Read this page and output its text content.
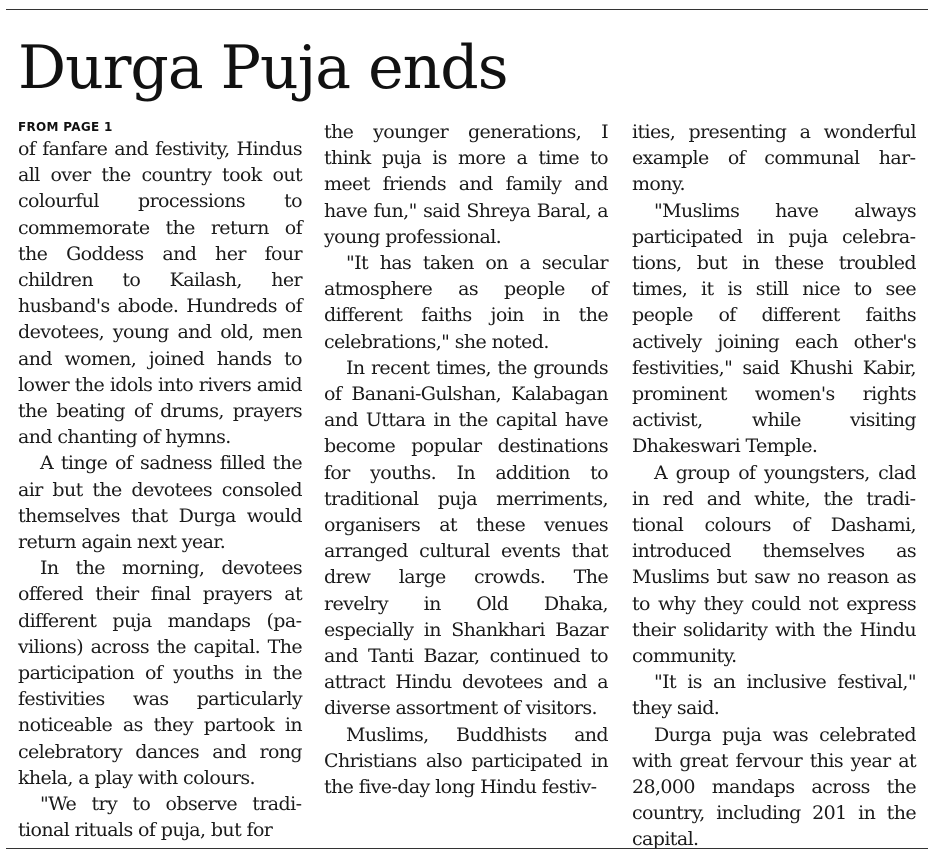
Durga Puja ends
FROM PAGE 1

of fanfare and festivity, Hindus all over the country took out colourful processions to commemorate the return of the Goddess and her four children to Kailash, her husband's abode. Hundreds of devotees, young and old, men and women, joined hands to lower the idols into rivers amid the beating of drums, prayers and chanting of hymns.

A tinge of sadness filled the air but the devotees consoled themselves that Durga would return again next year.

In the morning, devotees offered their final prayers at different puja mandaps (pavilions) across the capital. The participation of youths in the festivities was particularly noticeable as they partook in celebratory dances and rong khela, a play with colours.

"We try to observe traditional rituals of puja, but for

the younger generations, I think puja is more a time to meet friends and family and have fun," said Shreya Baral, a young professional.

"It has taken on a secular atmosphere as people of different faiths join in the celebrations," she noted.

In recent times, the grounds of Banani-Gulshan, Kalabagan and Uttara in the capital have become popular destinations for youths. In addition to traditional puja merriments, organisers at these venues arranged cultural events that drew large crowds. The revelry in Old Dhaka, especially in Shankhari Bazar and Tanti Bazar, continued to attract Hindu devotees and a diverse assortment of visitors.

Muslims, Buddhists and Christians also participated in the five-day long Hindu festiv-

ities, presenting a wonderful example of communal harmony.

"Muslims have always participated in puja celebrations, but in these troubled times, it is still nice to see people of different faiths actively joining each other's festivities," said Khushi Kabir, prominent women's rights activist, while visiting Dhakeswari Temple.

A group of youngsters, clad in red and white, the traditional colours of Dashami, introduced themselves as Muslims but saw no reason as to why they could not express their solidarity with the Hindu community.

"It is an inclusive festival," they said.

Durga puja was celebrated with great fervour this year at 28,000 mandaps across the country, including 201 in the capital.
